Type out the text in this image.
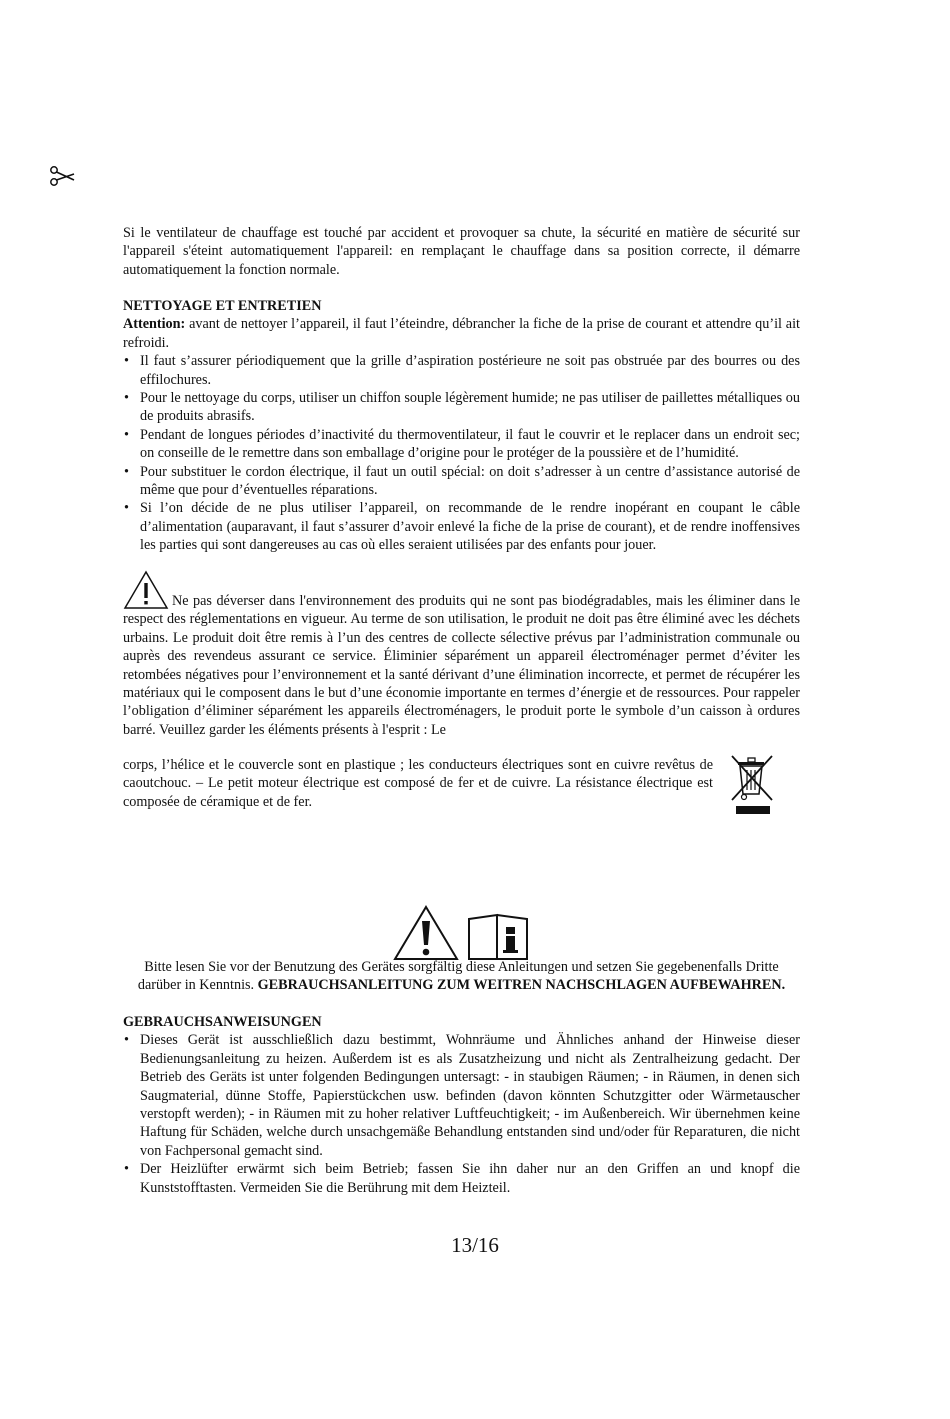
Si le ventilateur de chauffage est touché par accident et provoquer sa chute, la sécurité en matière de sécurité sur l'appareil s'éteint automatiquement l'appareil: en remplaçant le chauffage dans sa position correcte, il démarre automatiquement la fonction normale.

NETTOYAGE ET ENTRETIEN

Attention: avant de nettoyer l’appareil, il faut l’éteindre, débrancher la fiche de la prise de courant et attendre qu’il ait refroidi.

• Il faut s’assurer périodiquement que la grille d’aspiration postérieure ne soit pas obstruée par des bourres ou des effilochures.
• Pour le nettoyage du corps, utiliser un chiffon souple légèrement humide; ne pas utiliser de paillettes métalliques ou de produits abrasifs.
• Pendant de longues périodes d’inactivité du thermoventilateur, il faut le couvrir et le replacer dans un endroit sec; on conseille de le remettre dans son emballage d’origine pour le protéger de la poussière et de l’humidité.
• Pour substituer le cordon électrique, il faut un outil spécial: on doit s’adresser à un centre d’assistance autorisé de même que pour d’éventuelles réparations.
• Si l’on décide de ne plus utiliser l’appareil, on recommande de le rendre inopérant en coupant le câble d’alimentation (auparavant, il faut s’assurer d’avoir enlevé la fiche de la prise de courant), et de rendre inoffensives les parties qui sont dangereuses au cas où elles seraient utilisées par des enfants pour jouer.

Ne pas déverser dans l'environnement des produits qui ne sont pas biodégradables, mais les éliminer dans le respect des réglementations en vigueur. Au terme de son utilisation, le produit ne doit pas être éliminé avec les déchets urbains. Le produit doit être remis à l’un des centres de collecte sélective prévus par l’administration communale ou auprès des revendeus assurant ce service. Éliminier séparément un appareil électroménager permet d’éviter les retombées négatives pour l’environnement et la santé dérivant d’une élimination incorrecte, et permet de récupérer les matériaux qui le composent dans le but d’une économie importante en termes d’énergie et de ressources. Pour rappeler l’obligation d’éliminer séparément les appareils électroménagers, le produit porte le symbole d’un caisson à ordures barré. Veuillez garder les éléments présents à l'esprit : Le

corps, l’hélice et le couvercle sont en plastique ; les conducteurs électriques sont en cuivre revêtus de caoutchouc. – Le petit moteur électrique est composé de fer et de cuivre. La résistance électrique est composée de céramique et de fer.

Bitte lesen Sie vor der Benutzung des Gerätes sorgfältig diese Anleitungen und setzen Sie gegebenenfalls Dritte darüber in Kenntnis. GEBRAUCHSANLEITUNG ZUM WEITREN NACHSCHLAGEN AUFBEWAHREN.
GEBRAUCHSANWEISUNGEN
• Dieses Gerät ist ausschließlich dazu bestimmt, Wohnräume und Ähnliches anhand der Hinweise dieser Bedienungsanleitung zu heizen. Außerdem ist es als Zusatzheizung und nicht als Zentralheizung gedacht. Der Betrieb des Geräts ist unter folgenden Bedingungen untersagt: - in staubigen Räumen; - in Räumen, in denen sich Saugmaterial, dünne Stoffe, Papierstückchen usw. befinden (davon könnten Schutzgitter oder Wärmetauscher verstopft werden); - in Räumen mit zu hoher relativer Luftfeuchtigkeit; - im Außenbereich. Wir übernehmen keine Haftung für Schäden, welche durch unsachgemäße Behandlung entstanden sind und/oder für Reparaturen, die nicht von Fachpersonal gemacht sind.
• Der Heizlüfter erwärmt sich beim Betrieb; fassen Sie ihn daher nur an den Griffen an und knopf die Kunststofftasten. Vermeiden Sie die Berührung mit dem Heizteil.
13/16
